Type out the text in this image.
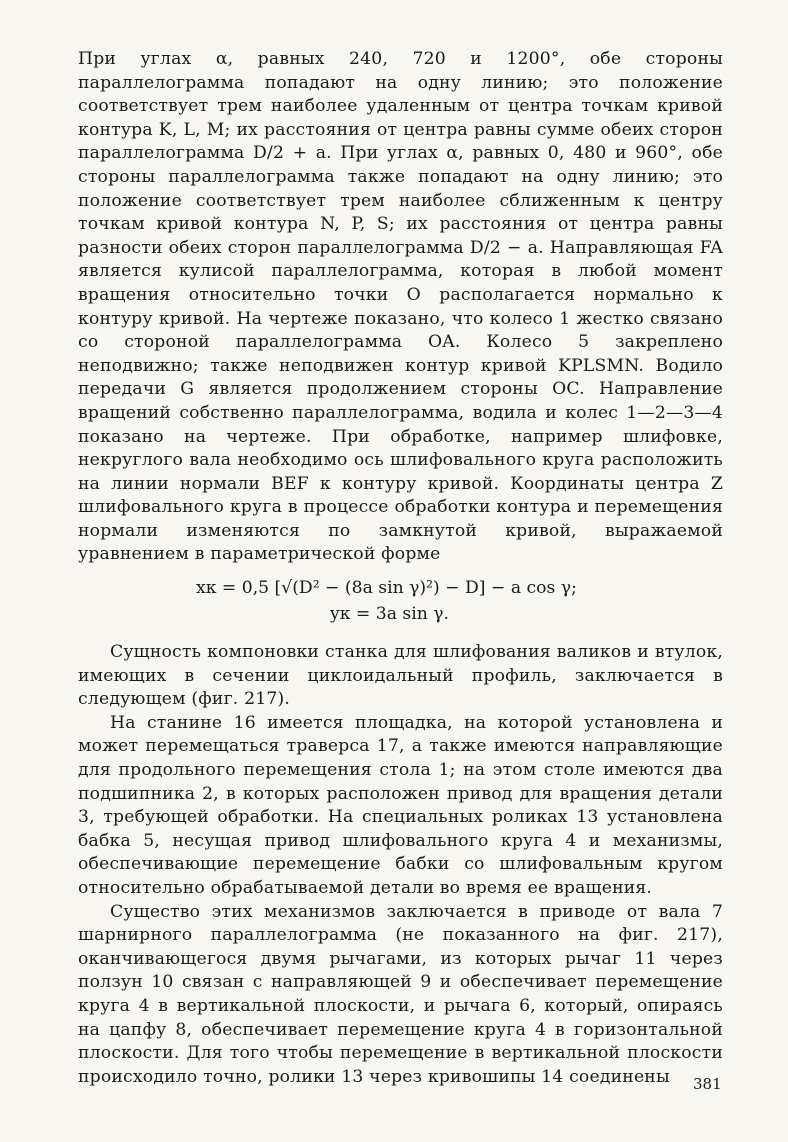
При углах α, равных 240, 720 и 1200°, обе стороны параллелограмма попадают на одну линию; это положение соответствует трем наиболее удаленным от центра точкам кривой контура K, L, M; их расстояния от центра равны сумме обеих сторон параллелограмма D/2 + a. При углах α, равных 0, 480 и 960°, обе стороны параллелограмма также попадают на одну линию; это положение соответствует трем наиболее сближенным к центру точкам кривой контура N, P, S; их расстояния от центра равны разности обеих сторон параллелограмма D/2 − a. Направляющая FA является кулисой параллелограмма, которая в любой момент вращения относительно точки O располагается нормально к контуру кривой. На чертеже показано, что колесо 1 жестко связано со стороной параллелограмма OA. Колесо 5 закреплено неподвижно; также неподвижен контур кривой KPLSMN. Водило передачи G является продолжением стороны OC. Направление вращений собственно параллелограмма, водила и колес 1—2—3—4 показано на чертеже. При обработке, например шлифовке, некруглого вала необходимо ось шлифовального круга расположить на линии нормали BEF к контуру кривой. Координаты центра Z шлифовального круга в процессе обработки контура и перемещения нормали изменяются по замкнутой кривой, выражаемой уравнением в параметрической форме

xк = 0,5 [√(D² − (8a sin γ)²) − D] − a cos γ;
yк = 3a sin γ.

Сущность компоновки станка для шлифования валиков и втулок, имеющих в сечении циклоидальный профиль, заключается в следующем (фиг. 217).

На станине 16 имеется площадка, на которой установлена и может перемещаться траверса 17, а также имеются направляющие для продольного перемещения стола 1; на этом столе имеются два подшипника 2, в которых расположен привод для вращения детали 3, требующей обработки. На специальных роликах 13 установлена бабка 5, несущая привод шлифовального круга 4 и механизмы, обеспечивающие перемещение бабки со шлифовальным кругом относительно обрабатываемой детали во время ее вращения.

Существо этих механизмов заключается в приводе от вала 7 шарнирного параллелограмма (не показанного на фиг. 217), оканчивающегося двумя рычагами, из которых рычаг 11 через ползун 10 связан с направляющей 9 и обеспечивает перемещение круга 4 в вертикальной плоскости, и рычага 6, который, опираясь на цапфу 8, обеспечивает перемещение круга 4 в горизонтальной плоскости. Для того чтобы перемещение в вертикальной плоскости происходило точно, ролики 13 через кривошипы 14 соединены	381
